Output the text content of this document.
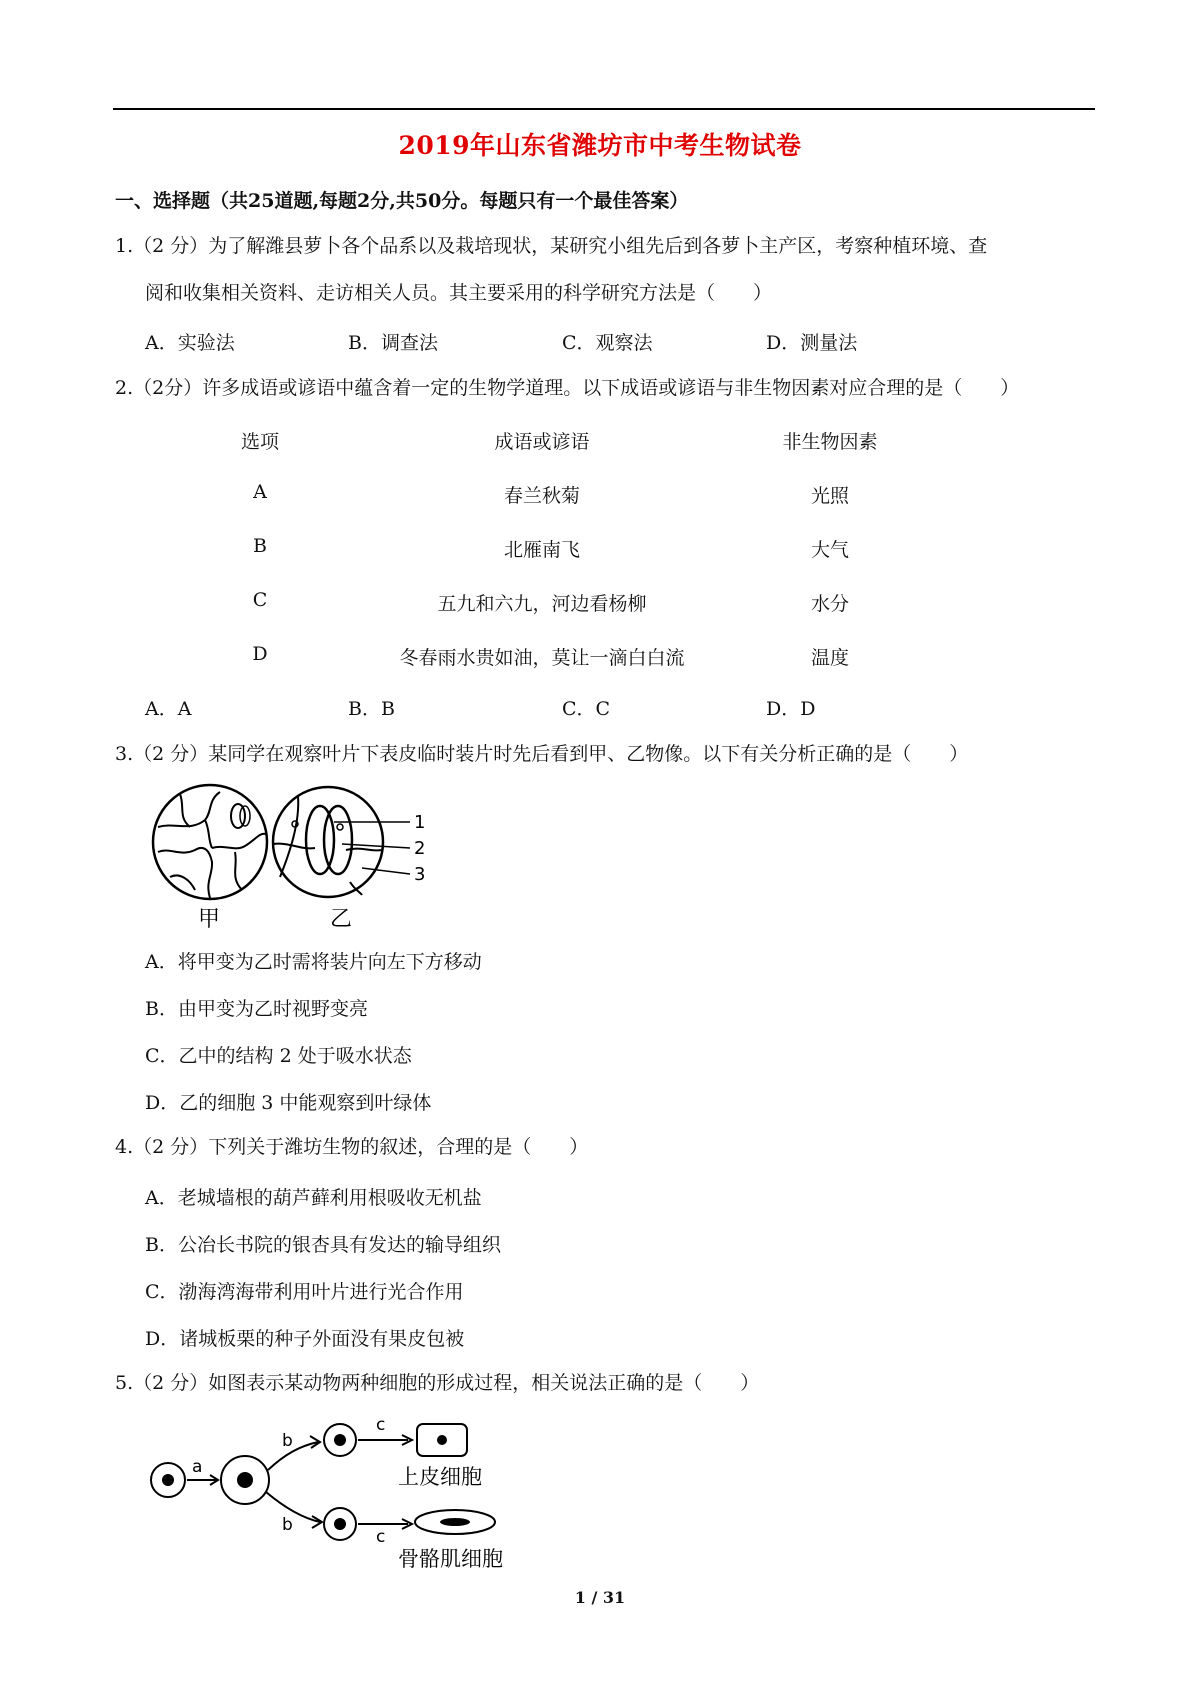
2019年山东省潍坊市中考生物试卷
一、选择题（共25道题,每题2分,共50分。每题只有一个最佳答案）
1.（2 分）为了解潍县萝卜各个品系以及栽培现状，某研究小组先后到各萝卜主产区，考察种植环境、查
阅和收集相关资料、走访相关人员。其主要采用的科学研究方法是（　　）
A．实验法	B．调查法	C．观察法	D．测量法
2.（2分）许多成语或谚语中蕴含着一定的生物学道理。以下成语或谚语与非生物因素对应合理的是（　　）
选项	成语或谚语	非生物因素
A	春兰秋菊	光照
B	北雁南飞	大气
C	五九和六九，河边看杨柳	水分
D	冬春雨水贵如油，莫让一滴白白流	温度
A．A	B．B	C．C	D．D
3.（2 分）某同学在观察叶片下表皮临时装片时先后看到甲、乙物像。以下有关分析正确的是（　　）
1
2
3
甲	乙
A．将甲变为乙时需将装片向左下方移动
B．由甲变为乙时视野变亮
C．乙中的结构 2 处于吸水状态
D．乙的细胞 3 中能观察到叶绿体
4.（2 分）下列关于潍坊生物的叙述，合理的是（　　）
A．老城墙根的葫芦藓利用根吸收无机盐
B．公冶长书院的银杏具有发达的输导组织
C．渤海湾海带利用叶片进行光合作用
D．诸城板栗的种子外面没有果皮包被
5.（2 分）如图表示某动物两种细胞的形成过程，相关说法正确的是（　　）
a
b
b
c
c
上皮细胞
骨骼肌细胞
1 / 31
